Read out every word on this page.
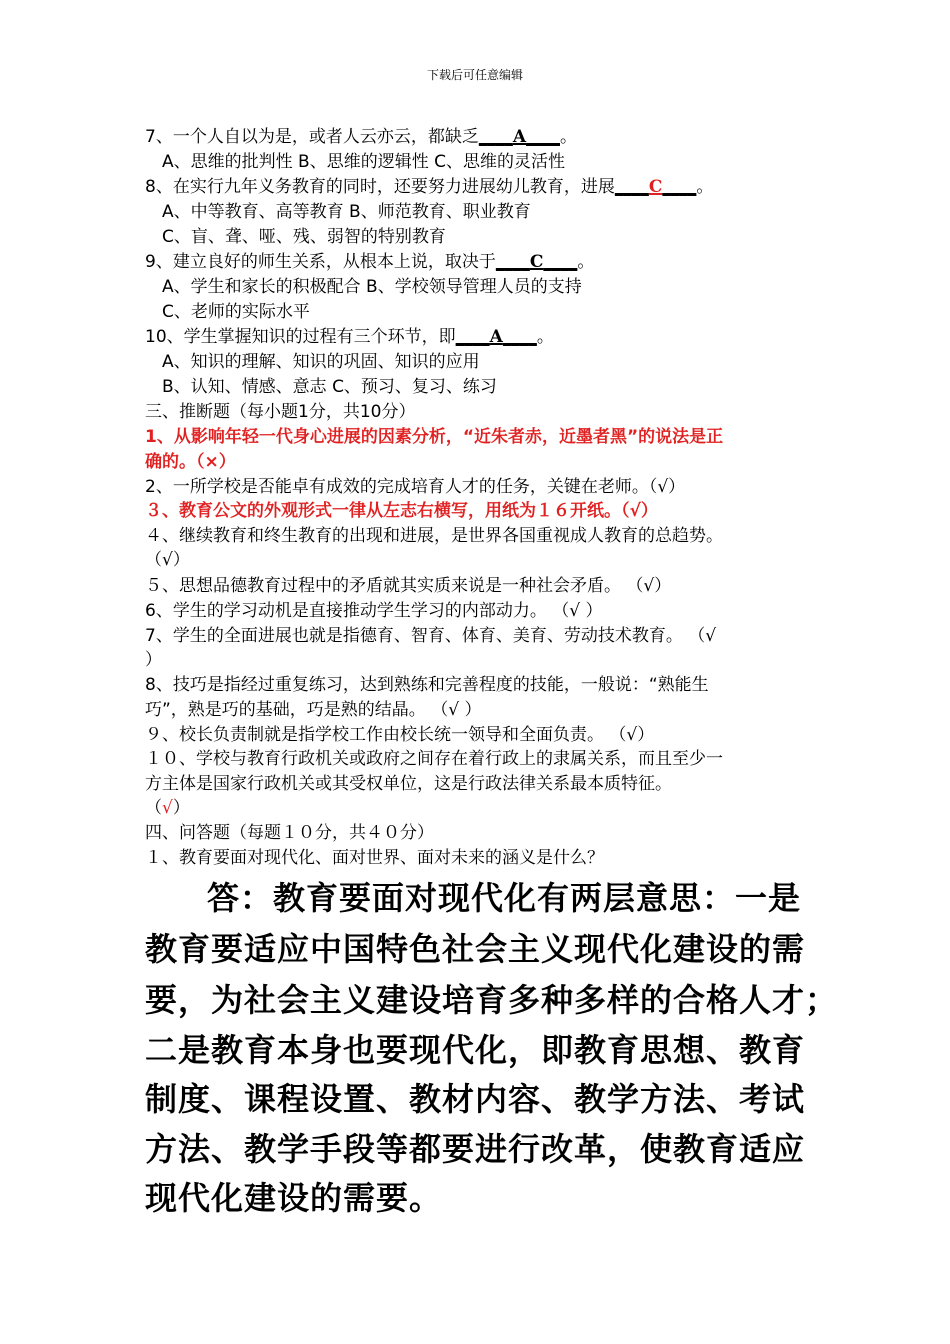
下载后可任意编辑
7、一个人自以为是，或者人云亦云，都缺乏____A____。
A、思维的批判性 B、思维的逻辑性 C、思维的灵活性
8、在实行九年义务教育的同时，还要努力进展幼儿教育，进展____C____。
A、中等教育、高等教育 B、师范教育、职业教育
C、盲、聋、哑、残、弱智的特别教育
9、建立良好的师生关系，从根本上说，取决于____C____。
A、学生和家长的积极配合 B、学校领导管理人员的支持
C、老师的实际水平
10、学生掌握知识的过程有三个环节，即____A____。
A、知识的理解、知识的巩固、知识的应用
B、认知、情感、意志 C、预习、复习、练习
三、推断题（每小题1分，共10分）
1、从影响年轻一代身心进展的因素分析，“近朱者赤，近墨者黑”的说法是正
确的。（×）
2、一所学校是否能卓有成效的完成培育人才的任务，关键在老师。（√）
３、教育公文的外观形式一律从左志右横写，用纸为１６开纸。（√）
４、继续教育和终生教育的出现和进展，是世界各国重视成人教育的总趋势。
（√）
５、思想品德教育过程中的矛盾就其实质来说是一种社会矛盾。 （√）
6、学生的学习动机是直接推动学生学习的内部动力。 （√ ）
7、学生的全面进展也就是指德育、智育、体育、美育、劳动技术教育。 （√
）
8、技巧是指经过重复练习，达到熟练和完善程度的技能，一般说：“熟能生
巧”，熟是巧的基础，巧是熟的结晶。 （√ ）
９、校长负责制就是指学校工作由校长统一领导和全面负责。 （√）
１０、学校与教育行政机关或政府之间存在着行政上的隶属关系，而且至少一
方主体是国家行政机关或其受权单位，这是行政法律关系最本质特征。
（√）
四、问答题（每题１０分，共４０分）
１、教育要面对现代化、面对世界、面对未来的涵义是什么？
答：教育要面对现代化有两层意思：一是
教育要适应中国特色社会主义现代化建设的需
要，为社会主义建设培育多种多样的合格人才；
二是教育本身也要现代化，即教育思想、教育
制度、课程设置、教材内容、教学方法、考试
方法、教学手段等都要进行改革，使教育适应
现代化建设的需要。
